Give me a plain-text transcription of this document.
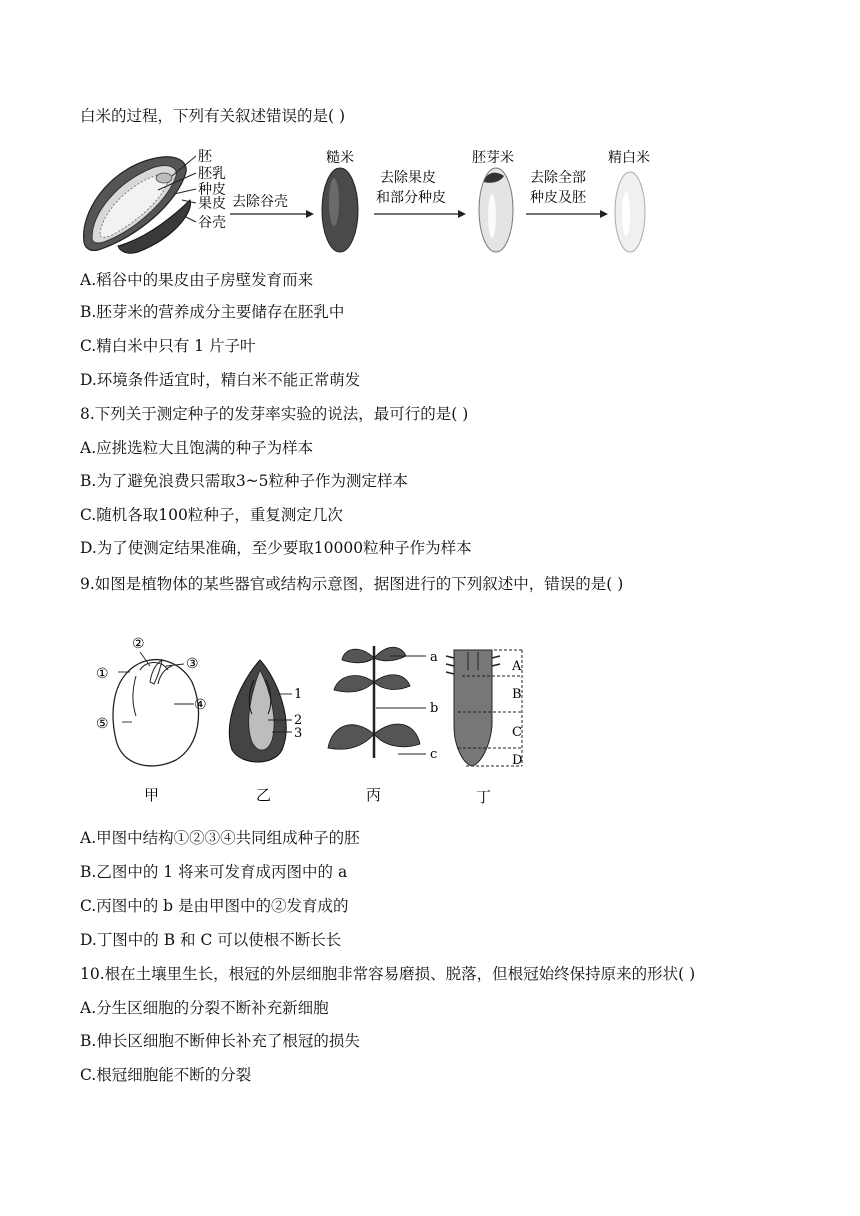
白米的过程，下列有关叙述错误的是( )
胚
胚乳
种皮
果皮
谷壳
去除谷壳
糙米
去除果皮
和部分种皮
胚芽米
去除全部
种皮及胚
精白米
A.稻谷中的果皮由子房壁发育而来
B.胚芽米的营养成分主要储存在胚乳中
C.精白米中只有 1 片子叶
D.环境条件适宜时，精白米不能正常萌发
8.下列关于测定种子的发芽率实验的说法，最可行的是( )
A.应挑选粒大且饱满的种子为样本
B.为了避免浪费只需取3~5粒种子作为测定样本
C.随机各取100粒种子，重复测定几次
D.为了使测定结果准确，至少要取10000粒种子作为样本
9.如图是植物体的某些器官或结构示意图，据图进行的下列叙述中，错误的是( )
①
②
③
④
⑤
1
2
3
a
b
c
A
B
C
D
甲	乙	丙	丁
A.甲图中结构①②③④共同组成种子的胚
B.乙图中的 1 将来可发育成丙图中的 a
C.丙图中的 b 是由甲图中的②发育成的
D.丁图中的 B 和 C 可以使根不断长长
10.根在土壤里生长，根冠的外层细胞非常容易磨损、脱落，但根冠始终保持原来的形状( )
A.分生区细胞的分裂不断补充新细胞
B.伸长区细胞不断伸长补充了根冠的损失
C.根冠细胞能不断的分裂
